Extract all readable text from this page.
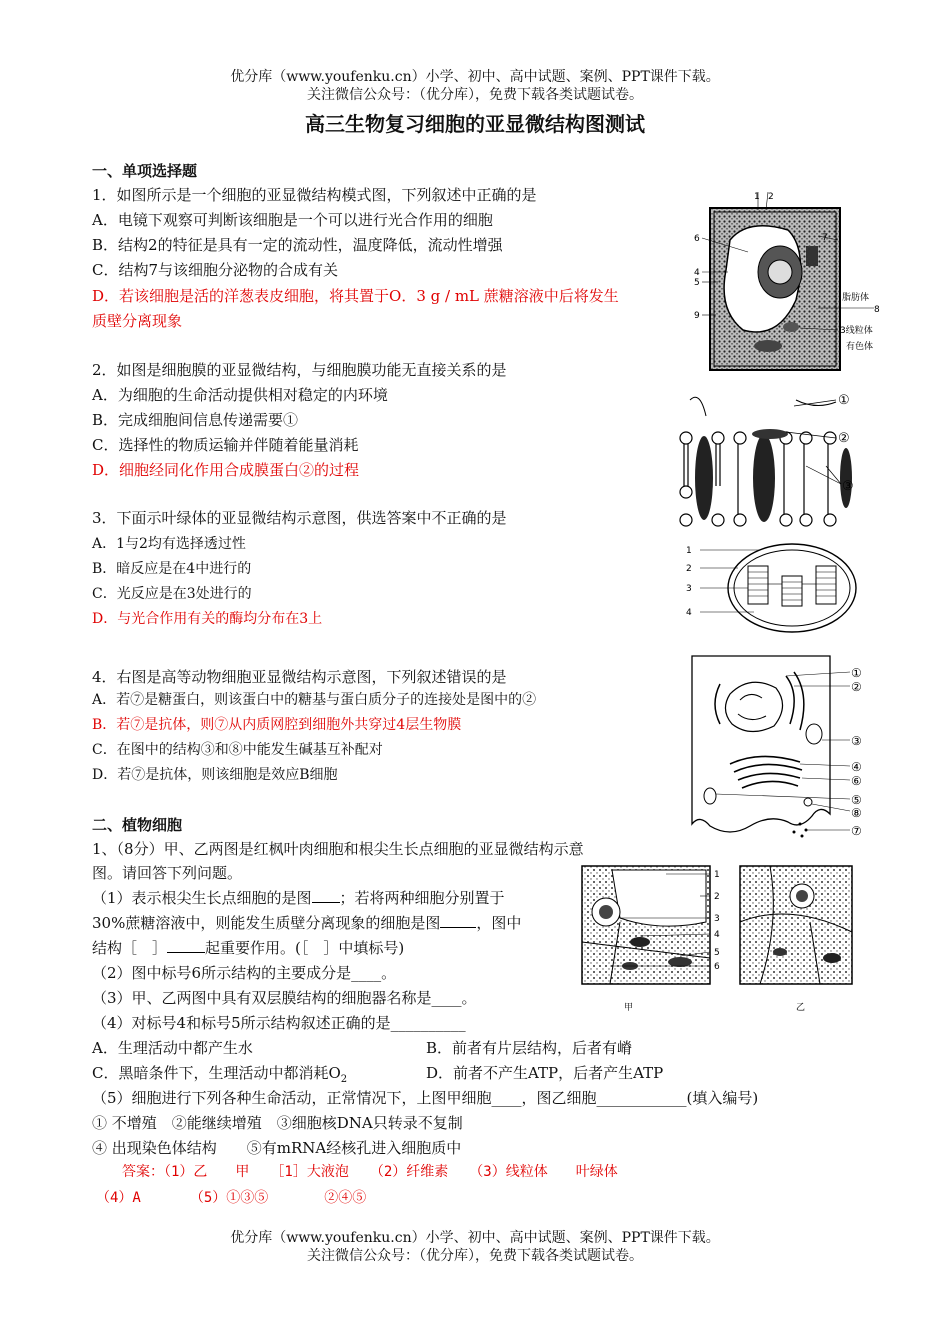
优分库（www.youfenku.cn）小学、初中、高中试题、案例、PPT课件下载。
关注微信公众号：（优分库），免费下载各类试题试卷。
高三生物复习细胞的亚显微结构图测试
一、单项选择题
1．如图所示是一个细胞的亚显微结构模式图，下列叙述中正确的是
A．电镜下观察可判断该细胞是一个可以进行光合作用的细胞
B．结构2的特征是具有一定的流动性，温度降低，流动性增强
C．结构7与该细胞分泌物的合成有关
D．若该细胞是活的洋葱表皮细胞，将其置于O．3 g / mL 蔗糖溶液中后将发生
质壁分离现象
1 2
6	7
4
5
9
脂肪体
8
3线粒体
有色体
2．如图是细胞膜的亚显微结构，与细胞膜功能无直接关系的是
A．为细胞的生命活动提供相对稳定的内环境
B．完成细胞间信息传递需要①
C．选择性的物质运输并伴随着能量消耗
D．细胞经同化作用合成膜蛋白②的过程
①
②
③
3．下面示叶绿体的亚显微结构示意图，供选答案中不正确的是
A．1与2均有选择透过性
B．暗反应是在4中进行的
C．光反应是在3处进行的
D．与光合作用有关的酶均分布在3上
1
2
3
4
4．右图是高等动物细胞亚显微结构示意图，下列叙述错误的是
A．若⑦是糖蛋白，则该蛋白中的糖基与蛋白质分子的连接处是图中的②
B．若⑦是抗体，则⑦从内质网腔到细胞外共穿过4层生物膜
C．在图中的结构③和⑧中能发生碱基互补配对
D．若⑦是抗体，则该细胞是效应B细胞
①
②
③
④
⑥
⑤
⑧
⑦
二、植物细胞
1、（8分）甲、乙两图是红枫叶肉细胞和根尖生长点细胞的亚显微结构示意
图。请回答下列问题。
（1）表示根尖生长点细胞的是图 ；若将两种细胞分别置于
30%蔗糖溶液中，则能发生质壁分离现象的细胞是图 ，图中
结构［　］	起重要作用。(［　］中填标号)
（2）图中标号6所示结构的主要成分是____。
（3）甲、乙两图中具有双层膜结构的细胞器名称是____。
（4）对标号4和标号5所示结构叙述正确的是__________
A．生理活动中都产生水	B．前者有片层结构，后者有嵴
C．黑暗条件下，生理活动中都消耗$O_2$	D．前者不产生ATP，后者产生ATP
（5）细胞进行下列各种生命活动，正常情况下，上图甲细胞____，图乙细胞____________(填入编号)
① 不增殖　②能继续增殖　③细胞核DNA只转录不复制
④ 出现染色体结构　　⑤有mRNA经核孔进入细胞质中
答案：（1）乙　　甲　　［1］大液泡　　（2）纤维素　　（3）线粒体　　叶绿体
（4）A　　　　（5）①③⑤　　　　②④⑤
1
2
3
4
5
6
甲	乙
优分库（www.youfenku.cn）小学、初中、高中试题、案例、PPT课件下载。
关注微信公众号：（优分库），免费下载各类试题试卷。
